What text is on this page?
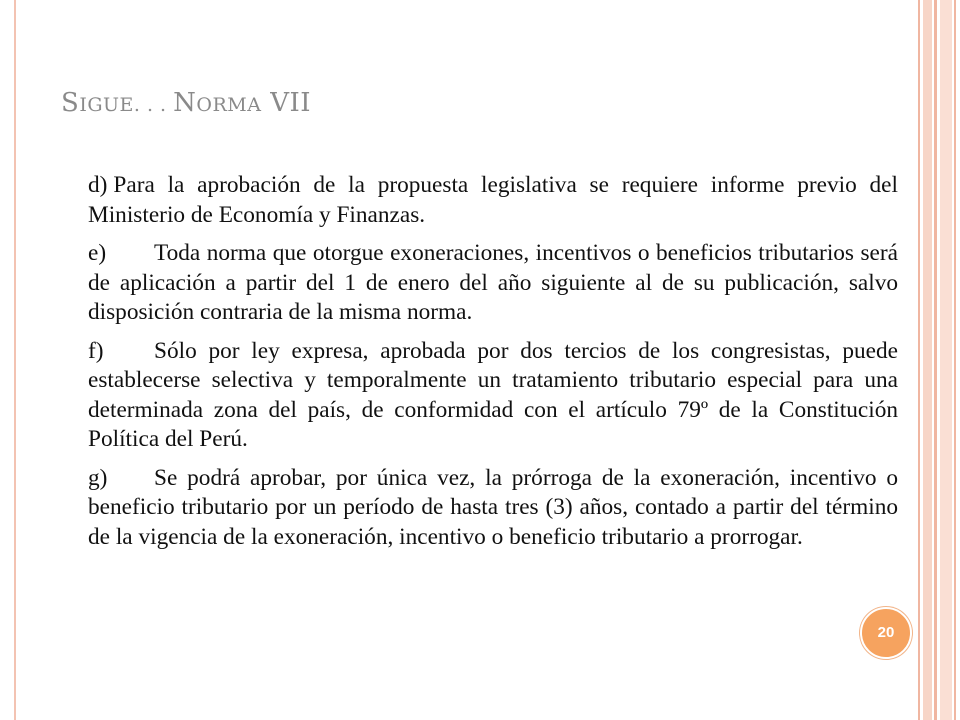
SIGUE. . . NORMA VII

d) Para la aprobación de la propuesta legislativa se requiere informe previo del Ministerio de Economía y Finanzas.

e) Toda norma que otorgue exoneraciones, incentivos o beneficios tributarios será de aplicación a partir del 1 de enero del año siguiente al de su publicación, salvo disposición contraria de la misma norma.

f) Sólo por ley expresa, aprobada por dos tercios de los congresistas, puede establecerse selectiva y temporalmente un tratamiento tributario especial para una determinada zona del país, de conformidad con el artículo 79º de la Constitución Política del Perú.

g) Se podrá aprobar, por única vez, la prórroga de la exoneración, incentivo o beneficio tributario por un período de hasta tres (3) años, contado a partir del término de la vigencia de la exoneración, incentivo o beneficio tributario a prorrogar.

20
